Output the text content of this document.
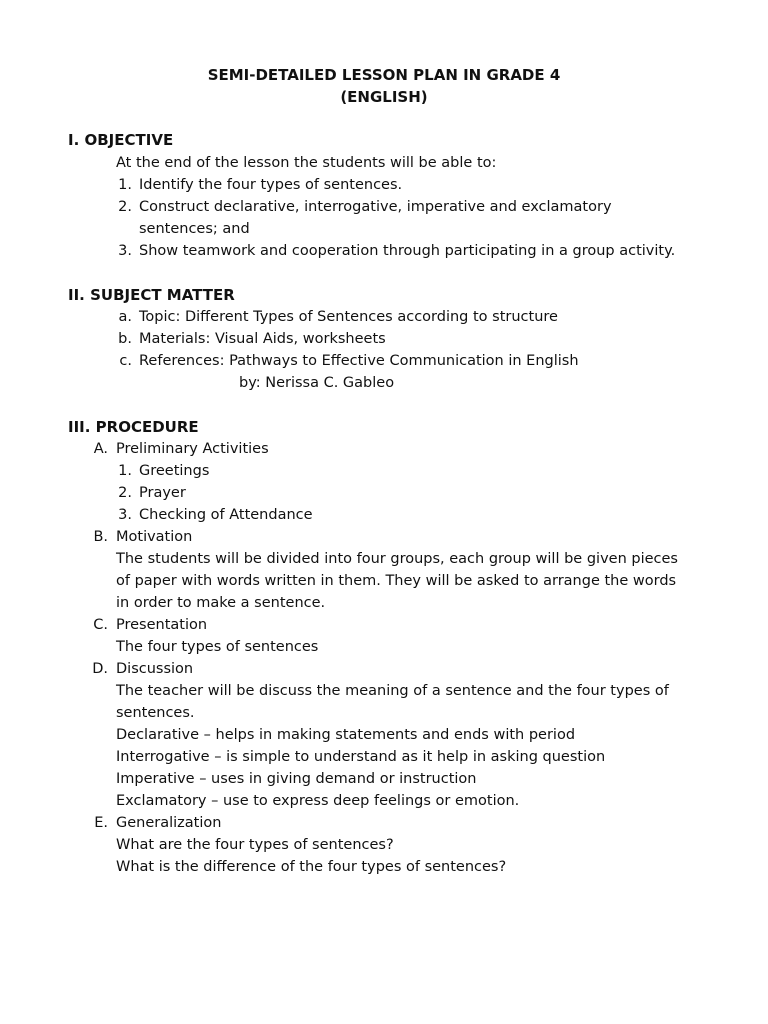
SEMI-DETAILED LESSON PLAN IN GRADE 4

(ENGLISH)

I. OBJECTIVE

At the end of the lesson the students will be able to:

1. Identify the four types of sentences.

2. Construct declarative, interrogative, imperative and exclamatory

sentences; and

3. Show teamwork and cooperation through participating in a group activity.

II. SUBJECT MATTER

a. Topic: Different Types of Sentences according to structure

b. Materials: Visual Aids, worksheets

c. References: Pathways to Effective Communication in English

by: Nerissa C. Gableo

III. PROCEDURE

A. Preliminary Activities

1. Greetings

2. Prayer

3. Checking of Attendance

B. Motivation

The students will be divided into four groups, each group will be given pieces

of paper with words written in them. They will be asked to arrange the words

in order to make a sentence.

C. Presentation

The four types of sentences

D. Discussion

The teacher will be discuss the meaning of a sentence and the four types of

sentences.

Declarative – helps in making statements and ends with period

Interrogative – is simple to understand as it help in asking question

Imperative – uses in giving demand or instruction

Exclamatory – use to express deep feelings or emotion.

E. Generalization

What are the four types of sentences?

What is the difference of the four types of sentences?
